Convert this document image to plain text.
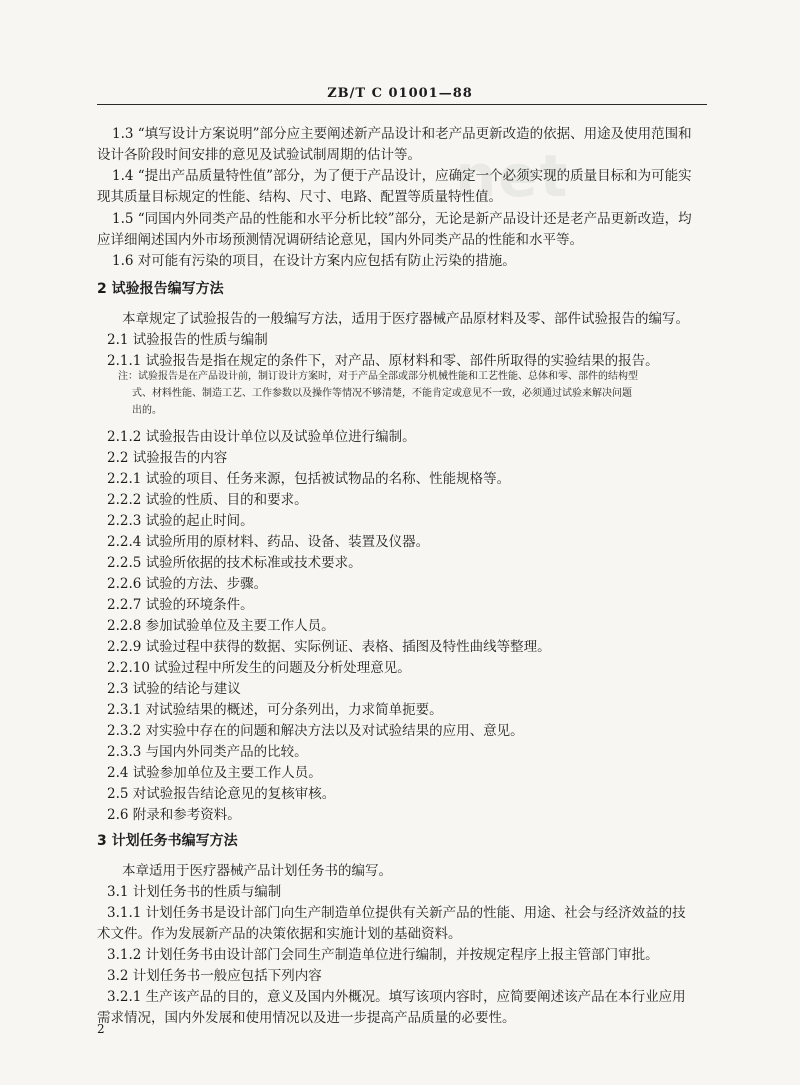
ZB/T C 01001—88
net
1.3 “填写设计方案说明”部分应主要阐述新产品设计和老产品更新改造的依据、用途及使用范围和
设计各阶段时间安排的意见及试验试制周期的估计等。
1.4 “提出产品质量特性值”部分，为了便于产品设计，应确定一个必须实现的质量目标和为可能实
现其质量目标规定的性能、结构、尺寸、电路、配置等质量特性值。
1.5 “同国内外同类产品的性能和水平分析比较”部分，无论是新产品设计还是老产品更新改造，均
应详细阐述国内外市场预测情况调研结论意见，国内外同类产品的性能和水平等。
1.6 对可能有污染的项目，在设计方案内应包括有防止污染的措施。
本章规定了试验报告的一般编写方法，适用于医疗器械产品原材料及零、部件试验报告的编写。
2.1 试验报告的性质与编制
2.1.1 试验报告是指在规定的条件下，对产品、原材料和零、部件所取得的实验结果的报告。
注：试验报告是在产品设计前，制订设计方案时，对于产品全部或部分机械性能和工艺性能、总体和零、部件的结构型
式、材料性能、制造工艺、工作参数以及操作等情况不够清楚，不能肯定或意见不一致，必须通过试验来解决问题
出的。
2.1.2 试验报告由设计单位以及试验单位进行编制。
2.2 试验报告的内容
2.2.1 试验的项目、任务来源，包括被试物品的名称、性能规格等。
2.2.2 试验的性质、目的和要求。
2.2.3 试验的起止时间。
2.2.4 试验所用的原材料、药品、设备、装置及仪器。
2.2.5 试验所依据的技术标准或技术要求。
2.2.6 试验的方法、步骤。
2.2.7 试验的环境条件。
2.2.8 参加试验单位及主要工作人员。
2.2.9 试验过程中获得的数据、实际例证、表格、插图及特性曲线等整理。
2.2.10 试验过程中所发生的问题及分析处理意见。
2.3 试验的结论与建议
2.3.1 对试验结果的概述，可分条列出，力求简单扼要。
2.3.2 对实验中存在的问题和解决方法以及对试验结果的应用、意见。
2.3.3 与国内外同类产品的比较。
2.4 试验参加单位及主要工作人员。
2.5 对试验报告结论意见的复核审核。
2.6 附录和参考资料。
本章适用于医疗器械产品计划任务书的编写。
3.1 计划任务书的性质与编制
3.1.1 计划任务书是设计部门向生产制造单位提供有关新产品的性能、用途、社会与经济效益的技
术文件。作为发展新产品的决策依据和实施计划的基础资料。
3.1.2 计划任务书由设计部门会同生产制造单位进行编制，并按规定程序上报主管部门审批。
3.2 计划任务书一般应包括下列内容
3.2.1 生产该产品的目的，意义及国内外概况。填写该项内容时，应简要阐述该产品在本行业应用
需求情况，国内外发展和使用情况以及进一步提高产品质量的必要性。
2 试验报告编写方法
3 计划任务书编写方法
2
